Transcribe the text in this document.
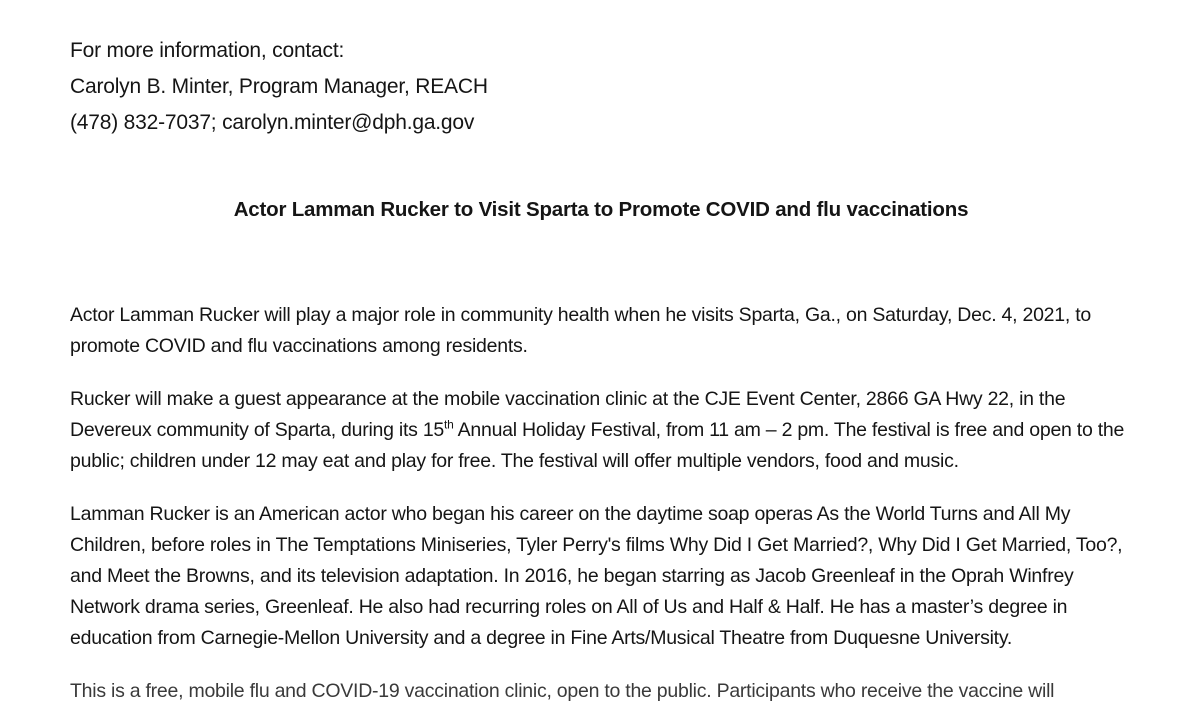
For more information, contact:
Carolyn B. Minter, Program Manager, REACH
(478) 832-7037; carolyn.minter@dph.ga.gov
Actor Lamman Rucker to Visit Sparta to Promote COVID and flu vaccinations

Actor Lamman Rucker will play a major role in community health when he visits Sparta, Ga., on Saturday, Dec. 4, 2021, to promote COVID and flu vaccinations among residents.

Rucker will make a guest appearance at the mobile vaccination clinic at the CJE Event Center, 2866 GA Hwy 22, in the Devereux community of Sparta, during its 15th Annual Holiday Festival, from 11 am – 2 pm. The festival is free and open to the public; children under 12 may eat and play for free. The festival will offer multiple vendors, food and music.

Lamman Rucker is an American actor who began his career on the daytime soap operas As the World Turns and All My Children, before roles in The Temptations Miniseries, Tyler Perry's films Why Did I Get Married?, Why Did I Get Married, Too?, and Meet the Browns, and its television adaptation. In 2016, he began starring as Jacob Greenleaf in the Oprah Winfrey Network drama series, Greenleaf. He also had recurring roles on All of Us and Half & Half. He has a master’s degree in education from Carnegie-Mellon University and a degree in Fine Arts/Musical Theatre from Duquesne University.

This is a free, mobile flu and COVID-19 vaccination clinic, open to the public. Participants who receive the vaccine will
